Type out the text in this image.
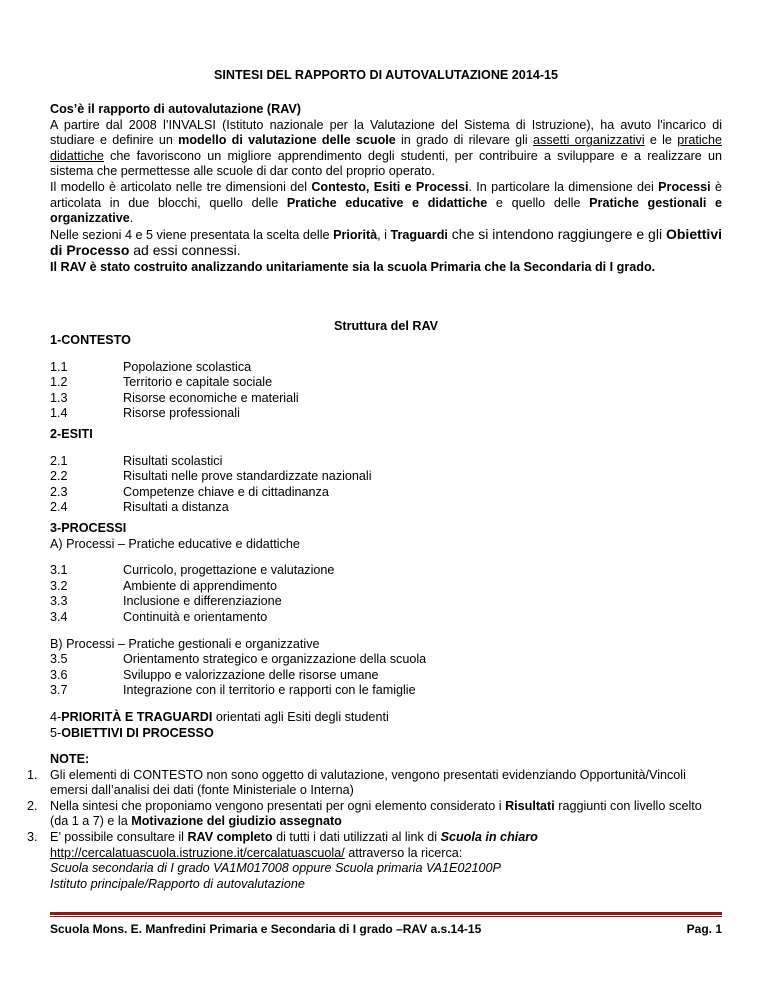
SINTESI DEL RAPPORTO DI AUTOVALUTAZIONE 2014-15

Cos’è il rapporto di autovalutazione (RAV)

A partire dal 2008 l’INVALSI (Istituto nazionale per la Valutazione del Sistema di Istruzione), ha avuto l'incarico di studiare e definire un modello di valutazione delle scuole in grado di rilevare gli assetti organizzativi e le pratiche didattiche che favoriscono un migliore apprendimento degli studenti, per contribuire a sviluppare e a realizzare un sistema che permettesse alle scuole di dar conto del proprio operato.

Il modello è articolato nelle tre dimensioni del Contesto, Esiti e Processi. In particolare la dimensione dei Processi è articolata in due blocchi, quello delle Pratiche educative e didattiche e quello delle Pratiche gestionali e organizzative.

Nelle sezioni 4 e 5 viene presentata la scelta delle Priorità, i Traguardi che si intendono raggiungere e gli Obiettivi di Processo ad essi connessi.

Il RAV è stato costruito analizzando unitariamente sia la scuola Primaria che la Secondaria di I grado.

Struttura del RAV
1-CONTESTO
1.1	Popolazione scolastica
1.2	Territorio e capitale sociale
1.3	Risorse economiche e materiali
1.4	Risorse professionali
2-ESITI
2.1	Risultati scolastici
2.2	Risultati nelle prove standardizzate nazionali
2.3	Competenze chiave e di cittadinanza
2.4	Risultati a distanza
3-PROCESSI
A) Processi – Pratiche educative e didattiche
3.1	Curricolo, progettazione e valutazione
3.2	Ambiente di apprendimento
3.3	Inclusione e differenziazione
3.4	Continuità e orientamento
B) Processi – Pratiche gestionali e organizzative
3.5	Orientamento strategico e organizzazione della scuola
3.6	Sviluppo e valorizzazione delle risorse umane
3.7	Integrazione con il territorio e rapporti con le famiglie
4-PRIORITÀ E TRAGUARDI orientati agli Esiti degli studenti
5-OBIETTIVI DI PROCESSO
NOTE:
1. Gli elementi di CONTESTO non sono oggetto di valutazione, vengono presentati evidenziando Opportunità/Vincoli emersi dall’analisi dei dati (fonte Ministeriale o Interna)
2. Nella sintesi che proponiamo vengono presentati per ogni elemento considerato i Risultati raggiunti con livello scelto (da 1 a 7) e la Motivazione del giudizio assegnato
3. E’ possibile consultare il RAV completo di tutti i dati utilizzati al link di Scuola in chiaro
http://cercalatuascuola.istruzione.it/cercalatuascuola/ attraverso la ricerca:
Scuola secondaria di I grado VA1M017008 oppure Scuola primaria VA1E02100P
Istituto principale/Rapporto di autovalutazione
Scuola Mons. E. Manfredini Primaria e Secondaria di I grado –RAV a.s.14-15	Pag. 1
